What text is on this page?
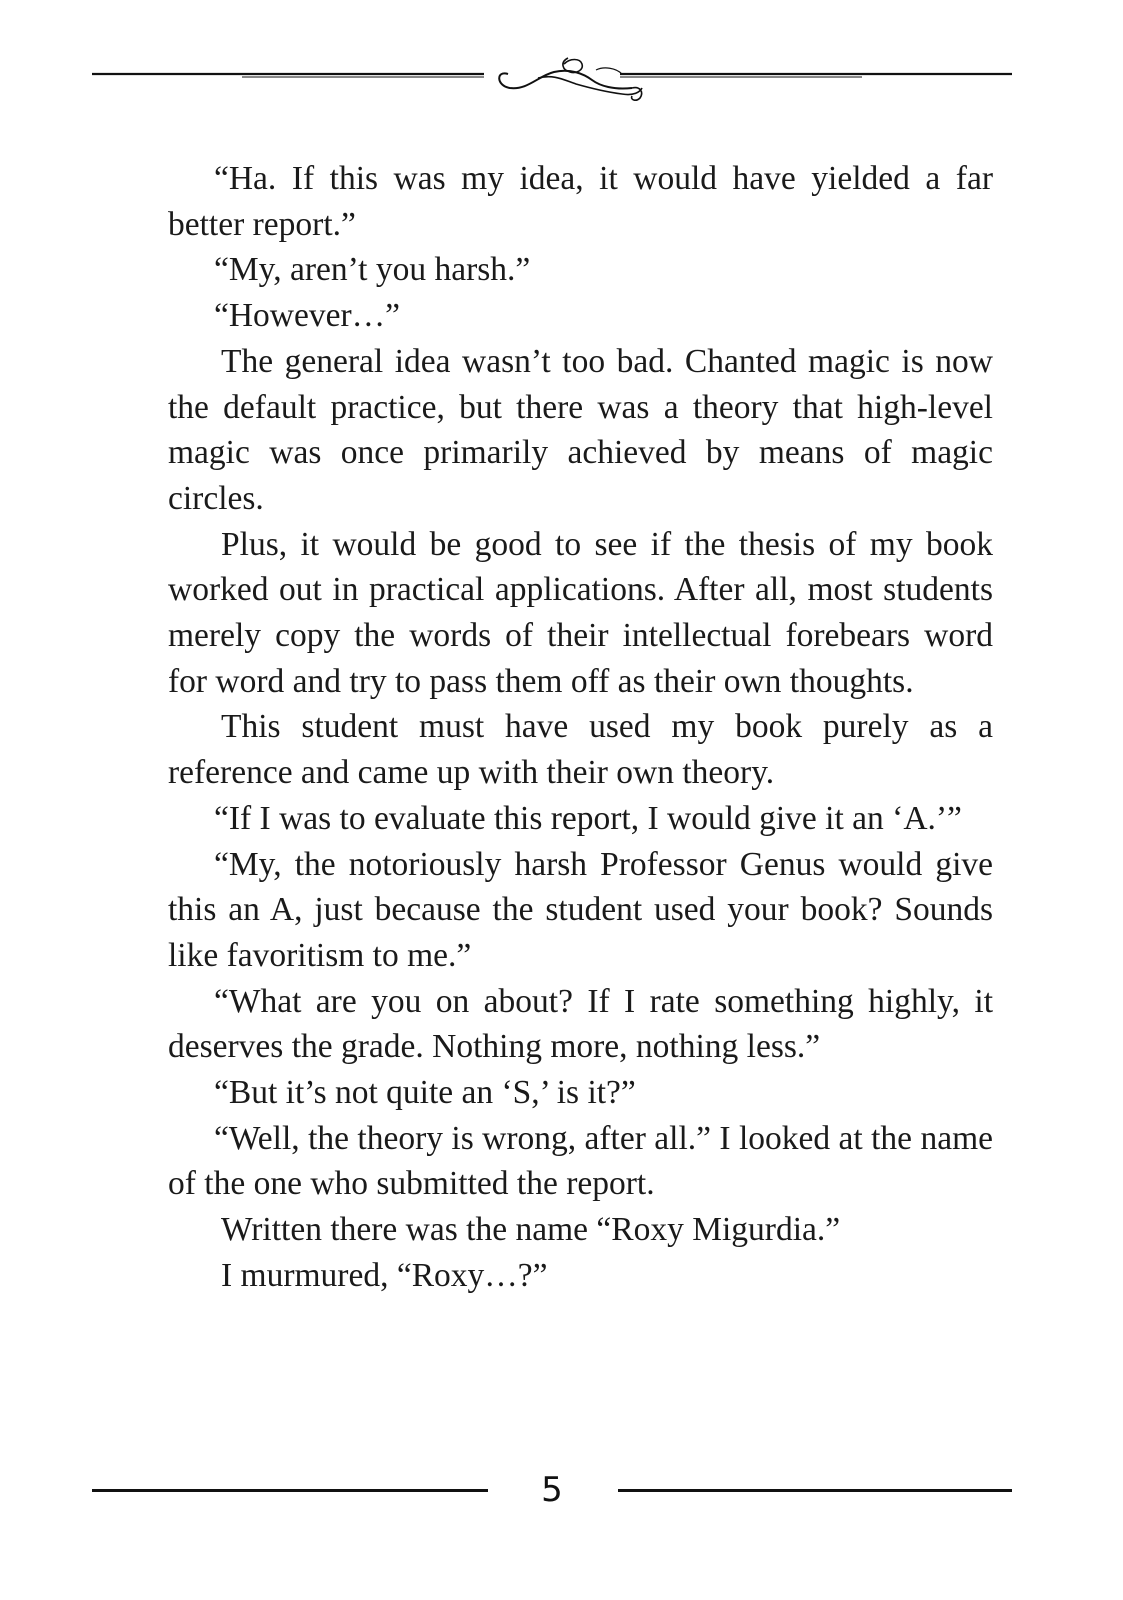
“Ha. If this was my idea, it would have yielded a far better report.”

“My, aren’t you harsh.”

“However…”

The general idea wasn’t too bad. Chanted magic is now the default practice, but there was a theory that high-level magic was once primarily achieved by means of magic circles.

Plus, it would be good to see if the thesis of my book worked out in practical applications. After all, most students merely copy the words of their intellectual forebears word for word and try to pass them off as their own thoughts.

This student must have used my book purely as a reference and came up with their own theory.

“If I was to evaluate this report, I would give it an ‘A.’”

“My, the notoriously harsh Professor Genus would give this an A, just because the student used your book? Sounds like favoritism to me.”

“What are you on about? If I rate something highly, it deserves the grade. Nothing more, nothing less.”

“But it’s not quite an ‘S,’ is it?”

“Well, the theory is wrong, after all.” I looked at the name of the one who submitted the report.

Written there was the name “Roxy Migurdia.”

I murmured, “Roxy…?”

5
